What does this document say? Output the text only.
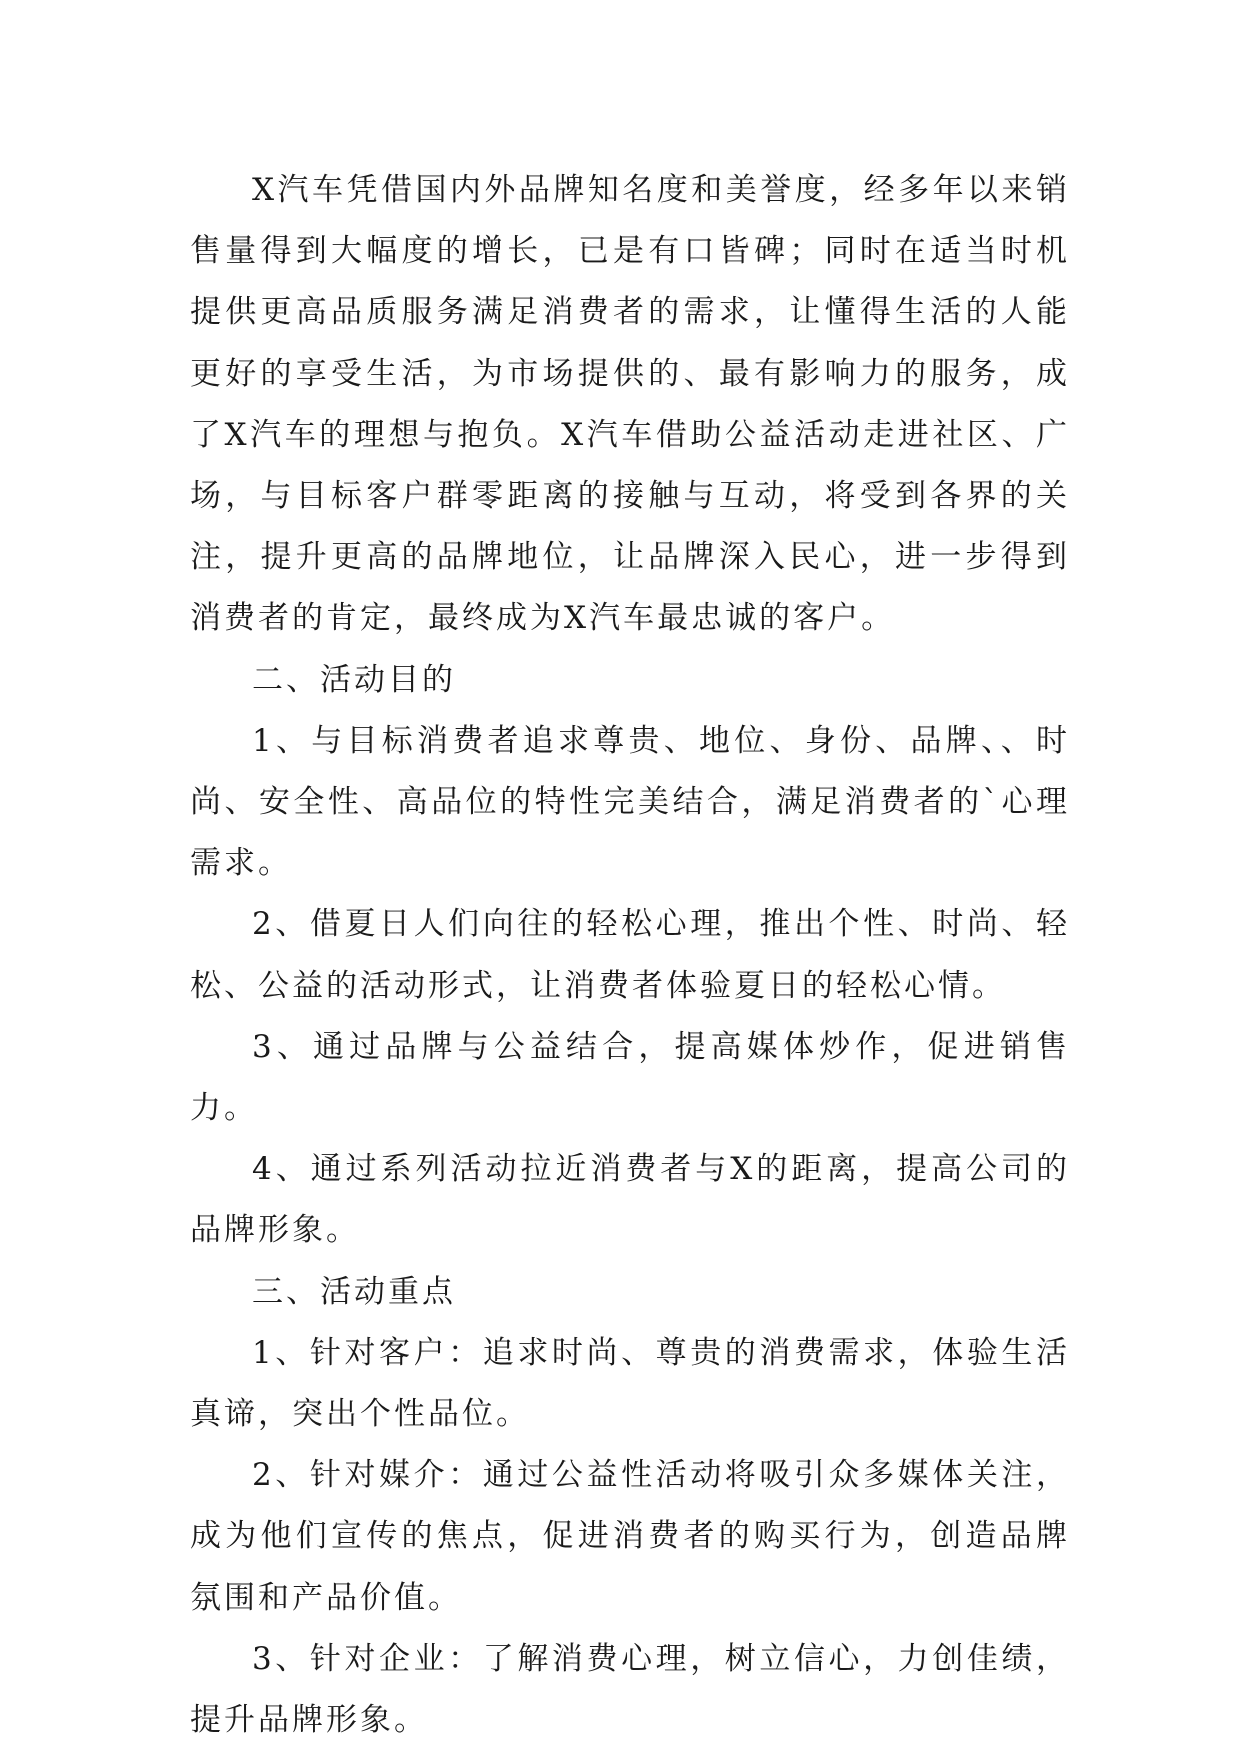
X汽车凭借国内外品牌知名度和美誉度，经多年以来销售量得到大幅度的增长，已是有口皆碑；同时在适当时机提供更高品质服务满足消费者的需求，让懂得生活的人能更好的享受生活，为市场提供的、最有影响力的服务，成了X汽车的理想与抱负。X汽车借助公益活动走进社区、广场，与目标客户群零距离的接触与互动，将受到各界的关注，提升更高的品牌地位，让品牌深入民心，进一步得到消费者的肯定，最终成为X汽车最忠诚的客户。

二、活动目的

1、与目标消费者追求尊贵、地位、身份、品牌、、时尚、安全性、高品位的特性完美结合，满足消费者的`心理需求。

2、借夏日人们向往的轻松心理，推出个性、时尚、轻松、公益的活动形式，让消费者体验夏日的轻松心情。

3、通过品牌与公益结合，提高媒体炒作，促进销售力。

4、通过系列活动拉近消费者与X的距离，提高公司的品牌形象。

三、活动重点

1、针对客户：追求时尚、尊贵的消费需求，体验生活真谛，突出个性品位。

2、针对媒介：通过公益性活动将吸引众多媒体关注，成为他们宣传的焦点，促进消费者的购买行为，创造品牌氛围和产品价值。

3、针对企业：了解消费心理，树立信心，力创佳绩，提升品牌形象。
